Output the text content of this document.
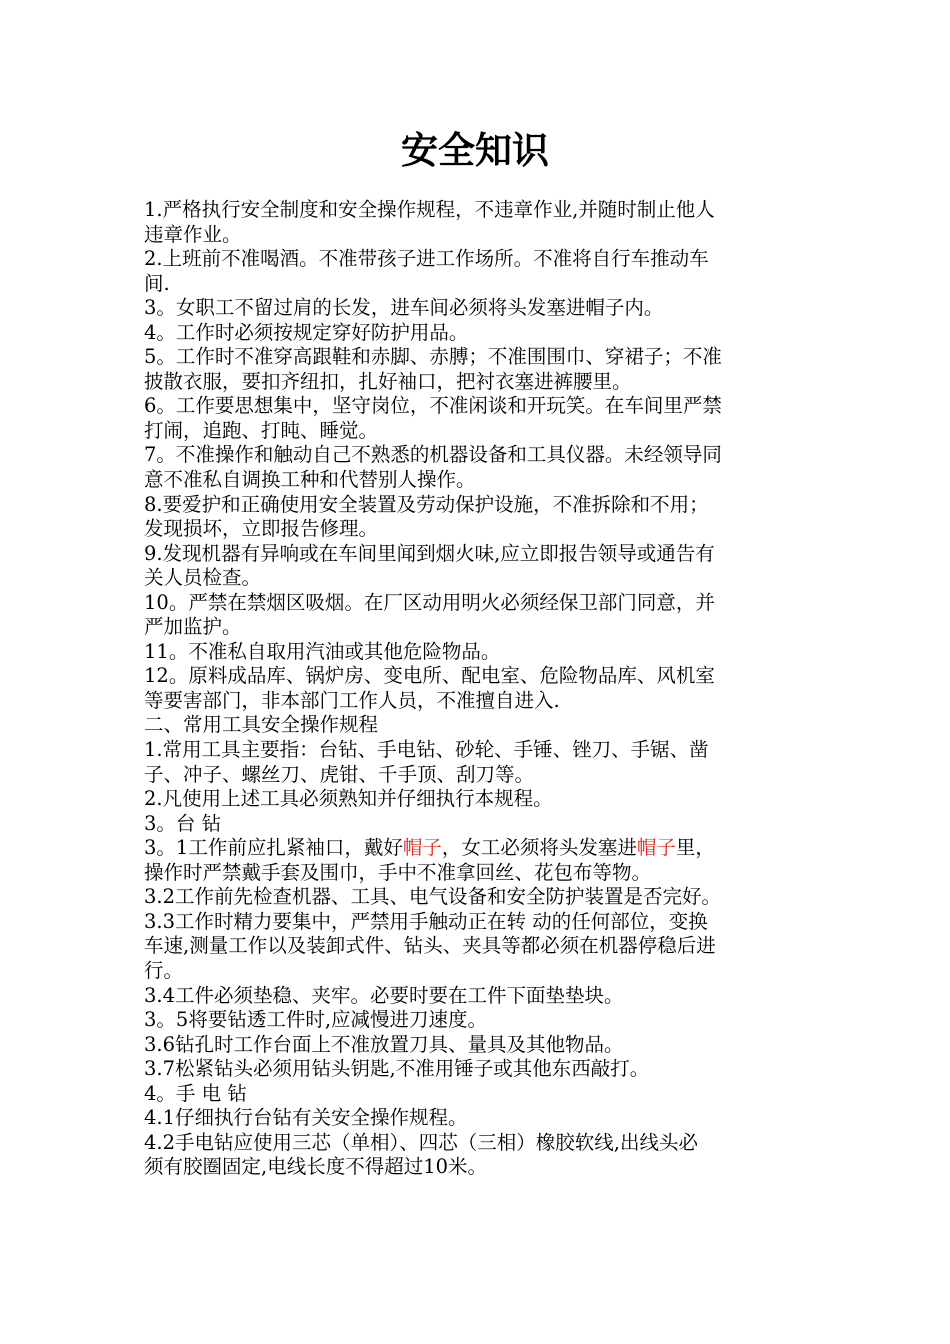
安全知识
1.严格执行安全制度和安全操作规程，不违章作业,并随时制止他人
违章作业。
2.上班前不准喝酒。不准带孩子进工作场所。不准将自行车推动车
间.
3。女职工不留过肩的长发，进车间必须将头发塞进帽子内。
4。工作时必须按规定穿好防护用品。
5。工作时不准穿高跟鞋和赤脚、赤膊；不准围围巾、穿裙子；不准
披散衣服，要扣齐纽扣，扎好袖口，把衬衣塞进裤腰里。
6。工作要思想集中，坚守岗位，不准闲谈和开玩笑。在车间里严禁
打闹，追跑、打盹、睡觉。
7。不准操作和触动自己不熟悉的机器设备和工具仪器。未经领导同
意不准私自调换工种和代替别人操作。
8.要爱护和正确使用安全装置及劳动保护设施，不准拆除和不用；
发现损坏，立即报告修理。
9.发现机器有异响或在车间里闻到烟火味,应立即报告领导或通告有
关人员检查。
10。严禁在禁烟区吸烟。在厂区动用明火必须经保卫部门同意，并
严加监护。
11。不准私自取用汽油或其他危险物品。
12。原料成品库、锅炉房、变电所、配电室、危险物品库、风机室
等要害部门，非本部门工作人员，不准擅自进入.
二、常用工具安全操作规程
1.常用工具主要指：台钻、手电钻、砂轮、手锤、锉刀、手锯、凿
子、冲子、螺丝刀、虎钳、千手顶、刮刀等。
2.凡使用上述工具必须熟知并仔细执行本规程。
3。台 钻
3。1工作前应扎紧袖口，戴好帽子，女工必须将头发塞进帽子里，
操作时严禁戴手套及围巾，手中不准拿回丝、花包布等物。
3.2工作前先检查机器、工具、电气设备和安全防护装置是否完好。
3.3工作时精力要集中，严禁用手触动正在转 动的任何部位，变换
车速,测量工作以及装卸式件、钻头、夹具等都必须在机器停稳后进
行。
3.4工件必须垫稳、夹牢。必要时要在工件下面垫垫块。
3。5将要钻透工件时,应减慢进刀速度。
3.6钻孔时工作台面上不准放置刀具、量具及其他物品。
3.7松紧钻头必须用钻头钥匙,不准用锤子或其他东西敲打。
4。手 电 钻
4.1仔细执行台钻有关安全操作规程。
4.2手电钻应使用三芯（单相）、四芯（三相）橡胶软线,出线头必
须有胶圈固定,电线长度不得超过10米。
